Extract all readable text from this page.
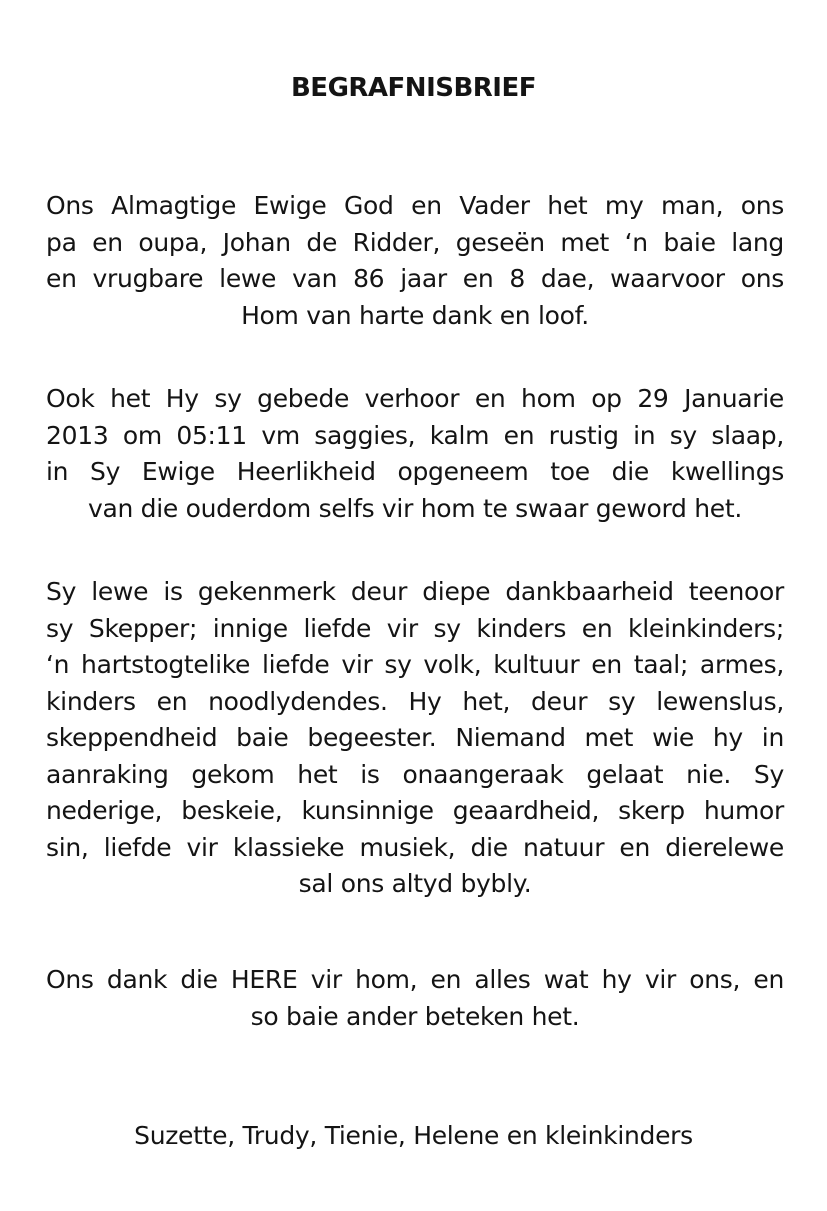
BEGRAFNISBRIEF

Ons Almagtige Ewige God en Vader het my man, ons
pa en oupa, Johan de Ridder, geseën met ‘n baie lang
en vrugbare lewe van 86 jaar en 8 dae, waarvoor ons
Hom van harte dank en loof.

Ook het Hy sy gebede verhoor en hom op 29 Januarie
2013 om 05:11 vm saggies, kalm en rustig in sy slaap,
in Sy Ewige Heerlikheid opgeneem toe die kwellings
van die ouderdom selfs vir hom te swaar geword het.

Sy lewe is gekenmerk deur diepe dankbaarheid teenoor
sy Skepper; innige liefde vir sy kinders en kleinkinders;
‘n hartstogtelike liefde vir sy volk, kultuur en taal; armes,
kinders en noodlydendes. Hy het, deur sy lewenslus,
skeppendheid baie begeester. Niemand met wie hy in
aanraking gekom het is onaangeraak gelaat nie. Sy
nederige, beskeie, kunsinnige geaardheid, skerp humor
sin, liefde vir klassieke musiek, die natuur en dierelewe
sal ons altyd bybly.

Ons dank die HERE vir hom, en alles wat hy vir ons, en
so baie ander beteken het.

Suzette, Trudy, Tienie, Helene en kleinkinders
